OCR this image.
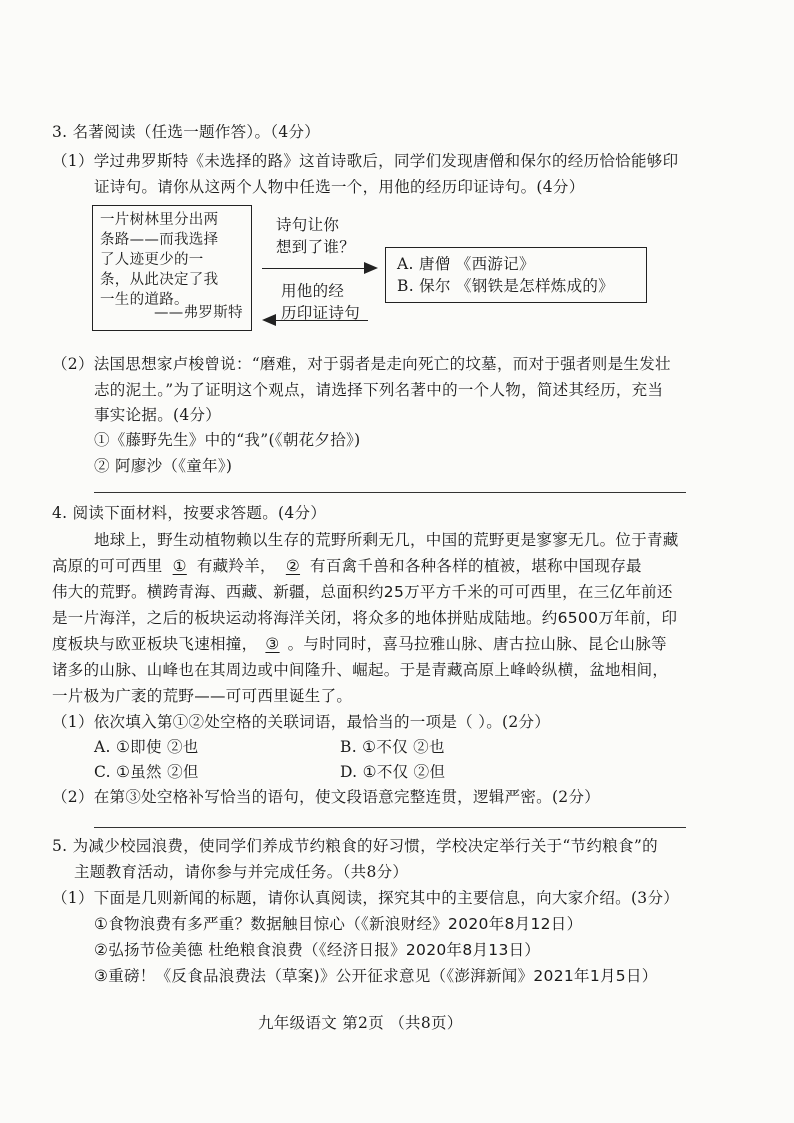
3. 名著阅读（任选一题作答）。（4分）
（1）学过弗罗斯特《未选择的路》这首诗歌后，同学们发现唐僧和保尔的经历恰恰能够印
证诗句。请你从这两个人物中任选一个，用他的经历印证诗句。(4分）
一片树林里分出两
条路——而我选择
了人迹更少的一
条，从此决定了我
一生的道路。
——弗罗斯特
诗句让你
想到了谁？
用他的经
历印证诗句
A. 唐僧 《西游记》
B. 保尔 《钢铁是怎样炼成的》
（2）法国思想家卢梭曾说：“磨难，对于弱者是走向死亡的坟墓，而对于强者则是生发壮
志的泥土。”为了证明这个观点，请选择下列名著中的一个人物，简述其经历，充当
事实论据。(4分）
①《藤野先生》中的“我”(《朝花夕拾》)
② 阿廖沙（《童年》)
4. 阅读下面材料，按要求答题。(4分）
地球上，野生动植物赖以生存的荒野所剩无几，中国的荒野更是寥寥无几。位于青藏
高原的可可西里 ① 有藏羚羊， ② 有百禽千兽和各种各样的植被，堪称中国现存最
伟大的荒野。横跨青海、西藏、新疆，总面积约25万平方千米的可可西里，在三亿年前还
是一片海洋，之后的板块运动将海洋关闭，将众多的地体拼贴成陆地。约6500万年前，印
度板块与欧亚板块飞速相撞， ③ 。与时同时，喜马拉雅山脉、唐古拉山脉、昆仑山脉等
诸多的山脉、山峰也在其周边或中间隆升、崛起。于是青藏高原上峰岭纵横，盆地相间，
一片极为广袤的荒野——可可西里诞生了。
（1）依次填入第①②处空格的关联词语，最恰当的一项是（ ）。(2分）
A. ①即使 ②也	B. ①不仅 ②也
C. ①虽然 ②但	D. ①不仅 ②但
（2）在第③处空格补写恰当的语句，使文段语意完整连贯，逻辑严密。(2分）
5. 为减少校园浪费，使同学们养成节约粮食的好习惯，学校决定举行关于“节约粮食”的
主题教育活动，请你参与并完成任务。（共8分）
（1）下面是几则新闻的标题，请你认真阅读，探究其中的主要信息，向大家介绍。(3分）
①食物浪费有多严重？数据触目惊心（《新浪财经》2020年8月12日）
②弘扬节俭美德 杜绝粮食浪费（《经济日报》2020年8月13日）
③重磅！《反食品浪费法（草案)》公开征求意见（《澎湃新闻》2021年1月5日）
九年级语文 第2页 （共8页）
